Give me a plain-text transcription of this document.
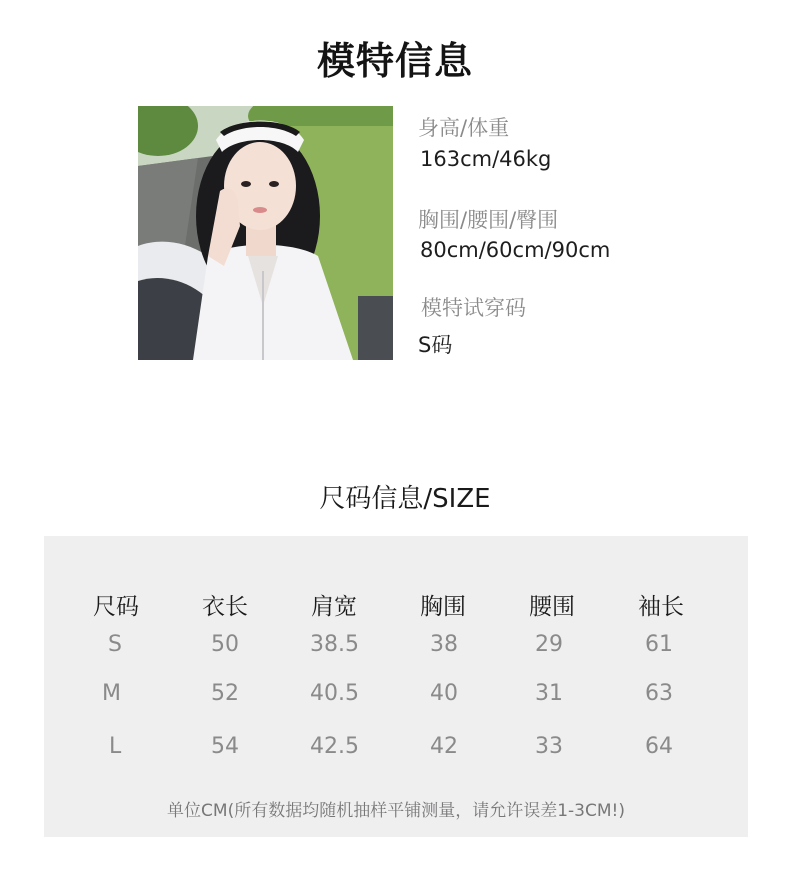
模特信息
身高/体重
163cm/46kg
胸围/腰围/臀围
80cm/60cm/90cm
模特试穿码
S码
尺码信息/SIZE
尺码	衣长	肩宽	胸围	腰围	袖长
S	50	38.5	38	29	61
M	52	40.5	40	31	63
L	54	42.5	42	33	64
单位CM(所有数据均随机抽样平铺测量，请允许误差1-3CM!)
